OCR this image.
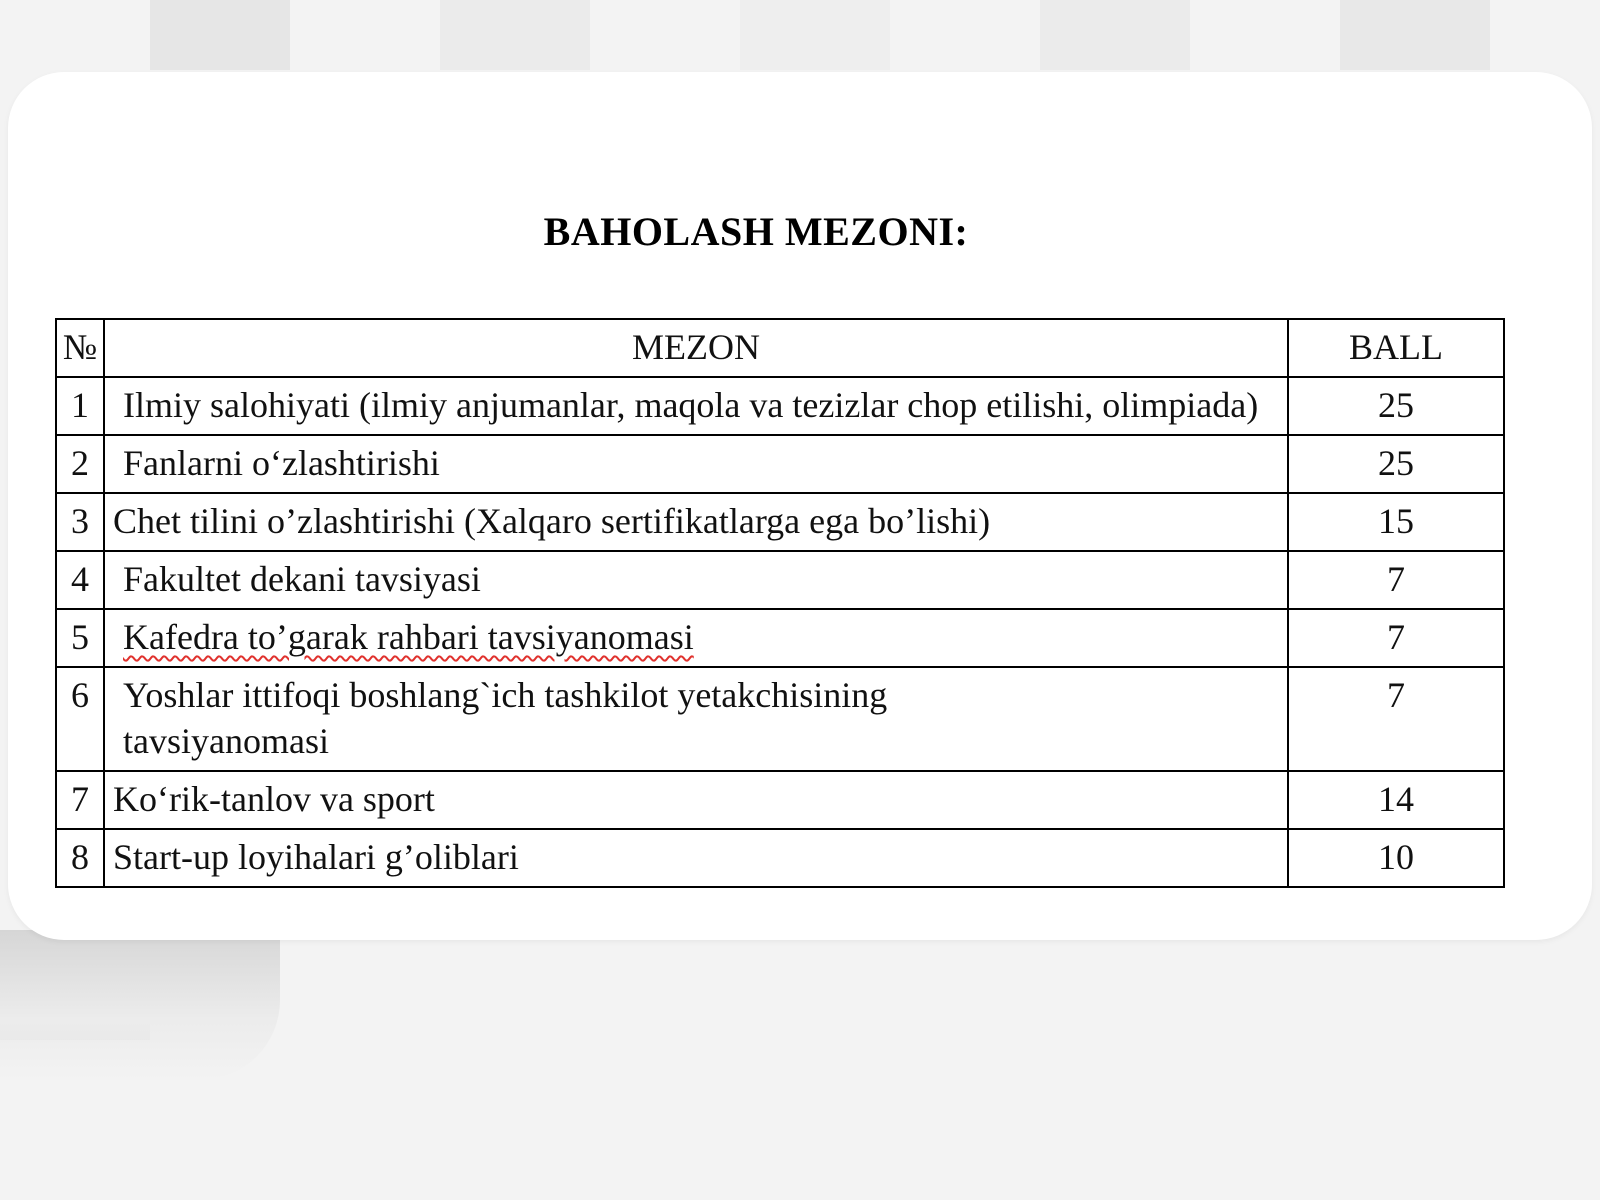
BAHOLASH MEZONI:
№	MEZON	BALL
1	Ilmiy salohiyati (ilmiy anjumanlar, maqola va tezizlar chop etilishi, olimpiada)	25
2	Fanlarni o‘zlashtirishi	25
3	Chet tilini o’zlashtirishi (Xalqaro sertifikatlarga ega bo’lishi)	15
4	Fakultet dekani tavsiyasi	7
5	Kafedra to’garak rahbari tavsiyanomasi	7
6	Yoshlar ittifoqi boshlang`ich tashkilot yetakchisining tavsiyanomasi	7
7	Ko‘rik-tanlov va sport	14
8	Start-up loyihalari g’oliblari	10
